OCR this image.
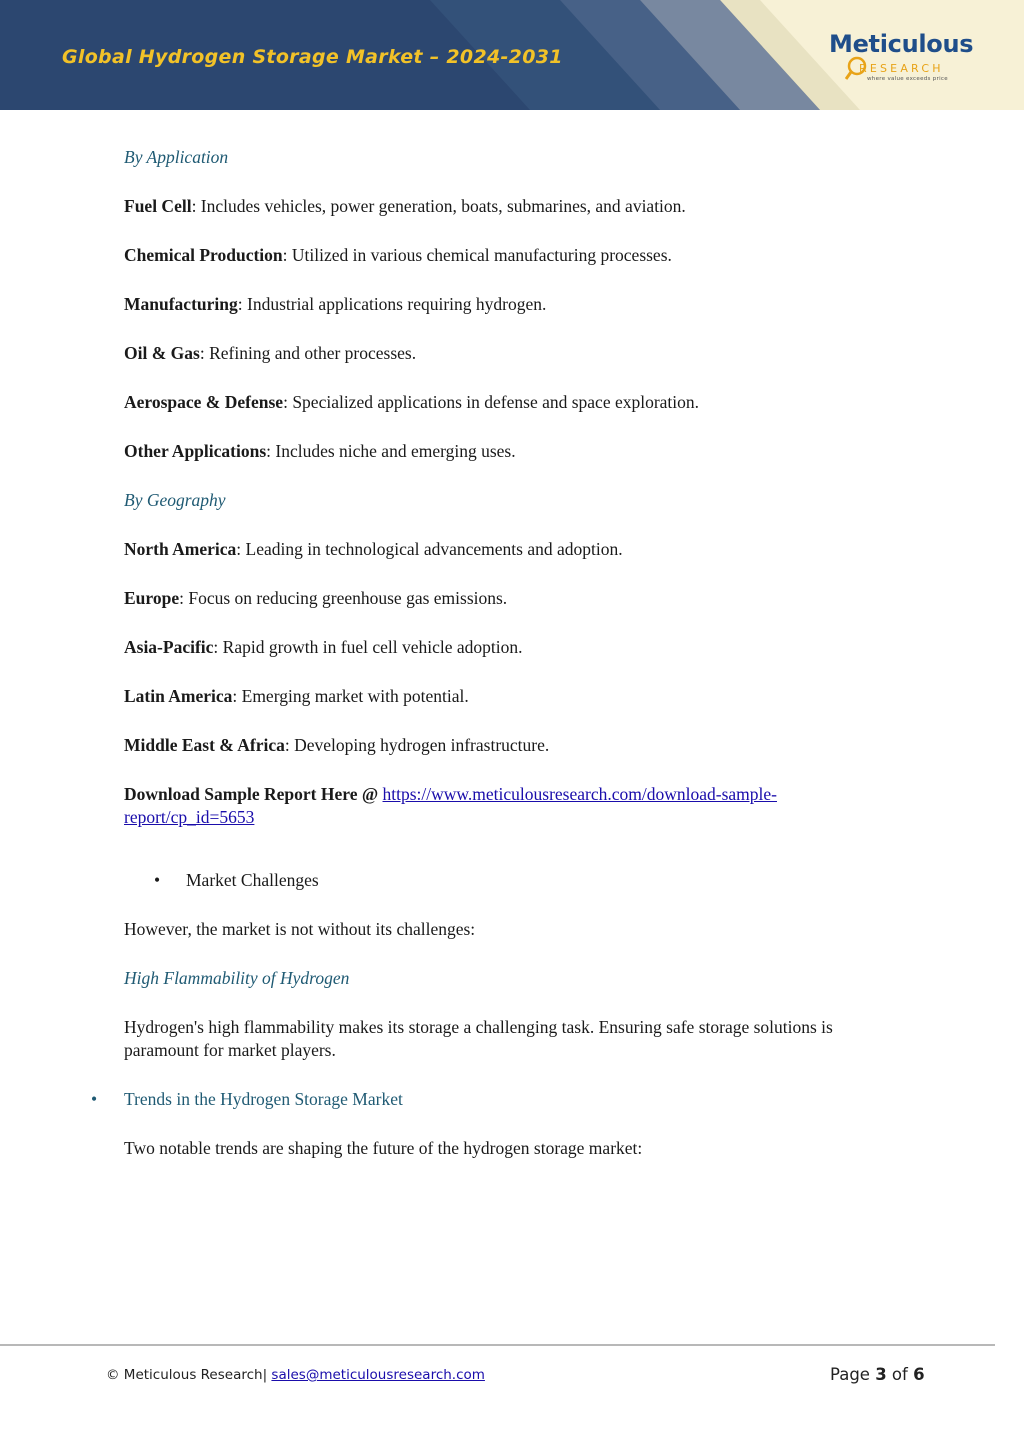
Global Hydrogen Storage Market – 2024-2031	Meticulous
RESEARCH
where value exceeds price

By Application

Fuel Cell: Includes vehicles, power generation, boats, submarines, and aviation.

Chemical Production: Utilized in various chemical manufacturing processes.

Manufacturing: Industrial applications requiring hydrogen.

Oil & Gas: Refining and other processes.

Aerospace & Defense: Specialized applications in defense and space exploration.

Other Applications: Includes niche and emerging uses.

By Geography

North America: Leading in technological advancements and adoption.

Europe: Focus on reducing greenhouse gas emissions.

Asia-Pacific: Rapid growth in fuel cell vehicle adoption.

Latin America: Emerging market with potential.

Middle East & Africa: Developing hydrogen infrastructure.

Download Sample Report Here @ https://www.meticulousresearch.com/download-sample-report/cp_id=5653

• Market Challenges

However, the market is not without its challenges:

High Flammability of Hydrogen

Hydrogen's high flammability makes its storage a challenging task. Ensuring safe storage solutions is paramount for market players.

• Trends in the Hydrogen Storage Market

Two notable trends are shaping the future of the hydrogen storage market:

© Meticulous Research| sales@meticulousresearch.com	Page 3 of 6
